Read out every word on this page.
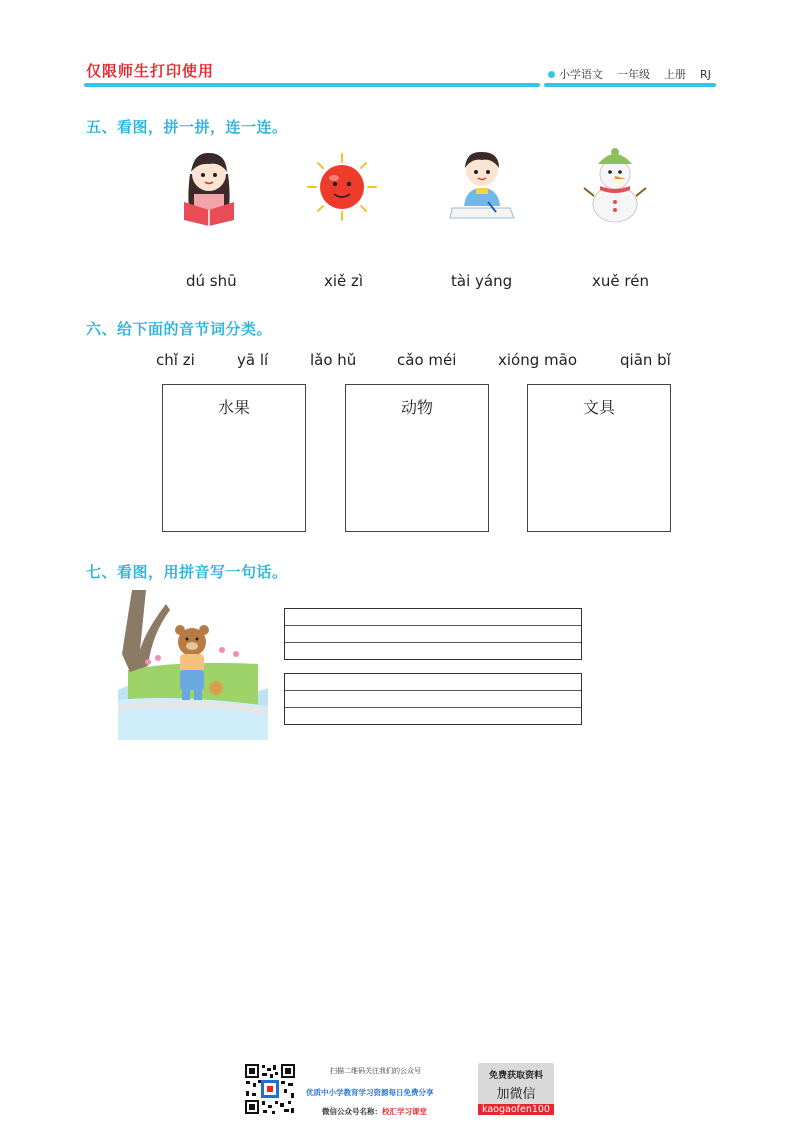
仅限师生打印使用	小学语文 一年级 上册 RJ
五、看图，拼一拼，连一连。
dú shū	xiě zì	tài yáng	xuě rén
六、给下面的音节词分类。
chǐ zi	yā lí	lǎo hǔ	cǎo méi	xióng māo	qiān bǐ
水果	动物	文具
七、看图，用拼音写一句话。
扫描二维码关注我们的公众号
优质中小学教育学习资源每日免费分享
微信公众号名称：校汇学习课堂
免费获取资料
加微信
kaogaofen100
